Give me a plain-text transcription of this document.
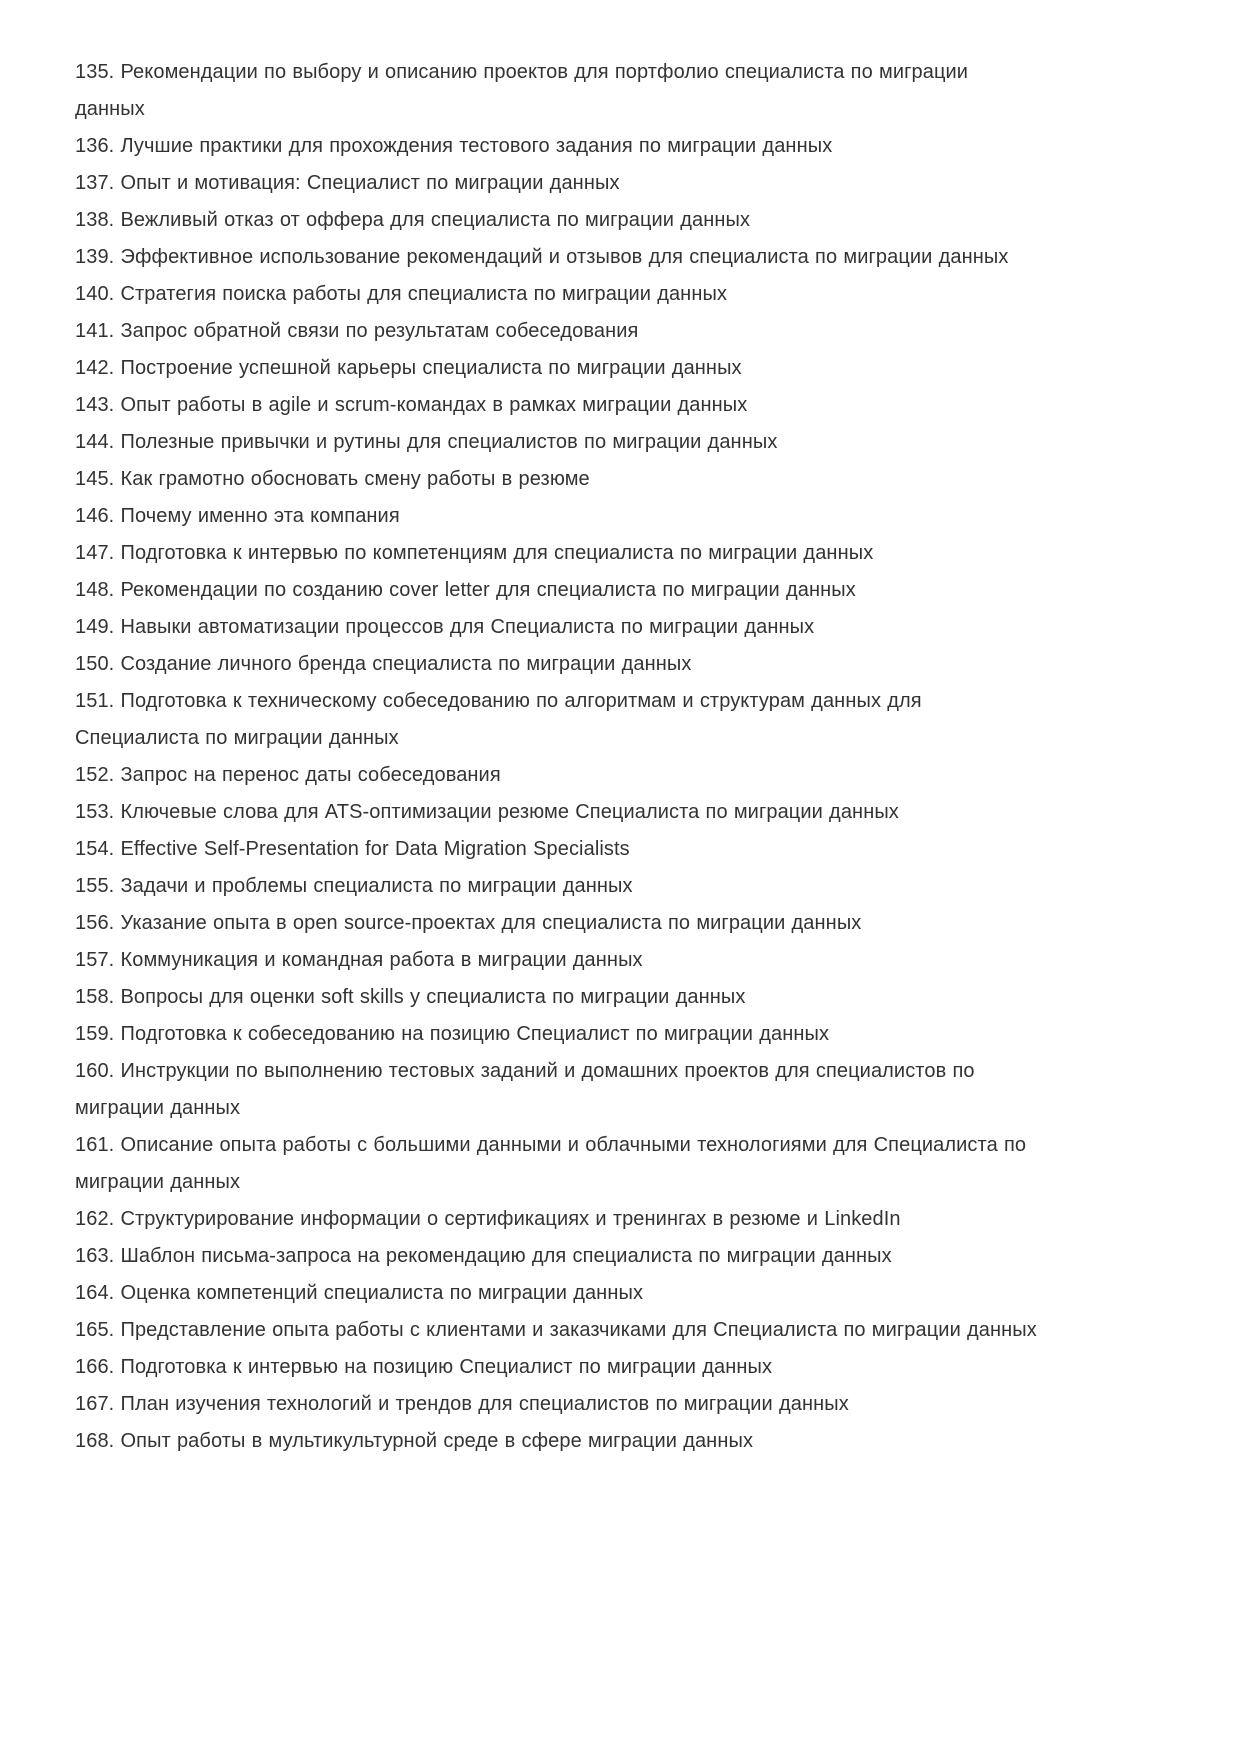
135. Рекомендации по выбору и описанию проектов для портфолио специалиста по миграции данных

136. Лучшие практики для прохождения тестового задания по миграции данных

137. Опыт и мотивация: Специалист по миграции данных

138. Вежливый отказ от оффера для специалиста по миграции данных

139. Эффективное использование рекомендаций и отзывов для специалиста по миграции данных

140. Стратегия поиска работы для специалиста по миграции данных

141. Запрос обратной связи по результатам собеседования

142. Построение успешной карьеры специалиста по миграции данных

143. Опыт работы в agile и scrum-командах в рамках миграции данных

144. Полезные привычки и рутины для специалистов по миграции данных

145. Как грамотно обосновать смену работы в резюме

146. Почему именно эта компания

147. Подготовка к интервью по компетенциям для специалиста по миграции данных

148. Рекомендации по созданию cover letter для специалиста по миграции данных

149. Навыки автоматизации процессов для Специалиста по миграции данных

150. Создание личного бренда специалиста по миграции данных

151. Подготовка к техническому собеседованию по алгоритмам и структурам данных для Специалиста по миграции данных

152. Запрос на перенос даты собеседования

153. Ключевые слова для ATS-оптимизации резюме Специалиста по миграции данных

154. Effective Self-Presentation for Data Migration Specialists

155. Задачи и проблемы специалиста по миграции данных

156. Указание опыта в open source-проектах для специалиста по миграции данных

157. Коммуникация и командная работа в миграции данных

158. Вопросы для оценки soft skills у специалиста по миграции данных

159. Подготовка к собеседованию на позицию Специалист по миграции данных

160. Инструкции по выполнению тестовых заданий и домашних проектов для специалистов по миграции данных

161. Описание опыта работы с большими данными и облачными технологиями для Специалиста по миграции данных

162. Структурирование информации о сертификациях и тренингах в резюме и LinkedIn

163. Шаблон письма-запроса на рекомендацию для специалиста по миграции данных

164. Оценка компетенций специалиста по миграции данных

165. Представление опыта работы с клиентами и заказчиками для Специалиста по миграции данных

166. Подготовка к интервью на позицию Специалист по миграции данных

167. План изучения технологий и трендов для специалистов по миграции данных

168. Опыт работы в мультикультурной среде в сфере миграции данных
